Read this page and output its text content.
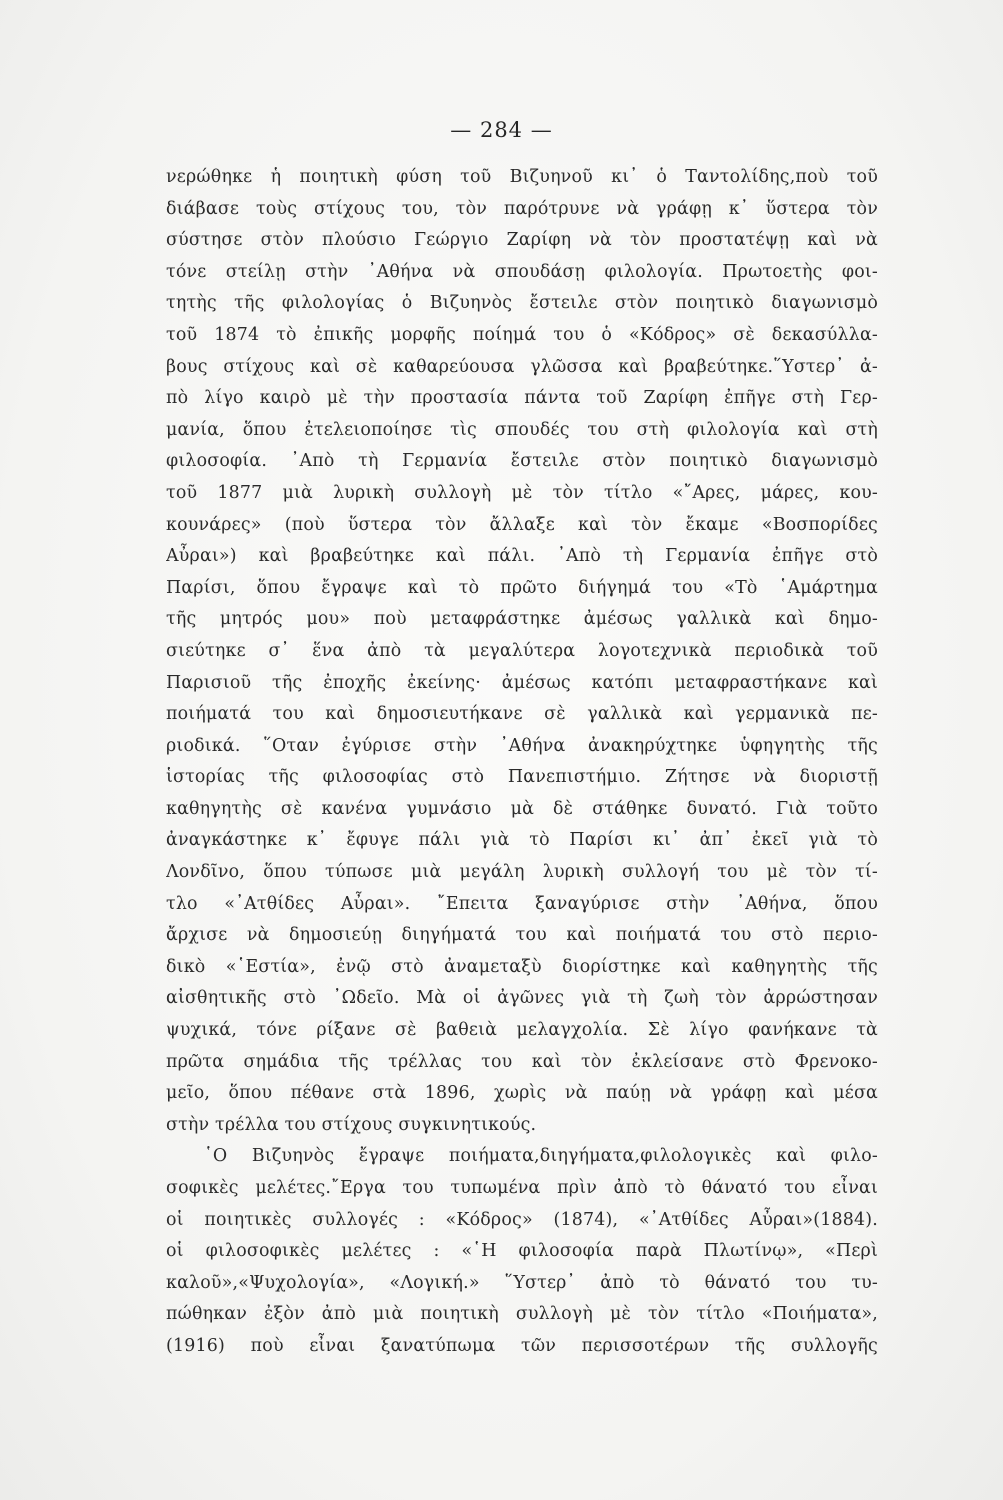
— 284 —
νερώθηκε ἡ ποιητικὴ φύση τοῦ Βιζυηνοῦ κι᾽ ὁ Ταντολίδης,ποὺ τοῦ
διάβασε τοὺς στίχους του, τὸν παρότρυνε νὰ γράφῃ κ᾽ ὕστερα τὸν
σύστησε στὸν πλούσιο Γεώργιο Ζαρίφη νὰ τὸν προστατέψῃ καὶ νὰ
τόνε στείλῃ στὴν ᾽Αθήνα νὰ σπουδάσῃ φιλολογία. Πρωτοετὴς φοι-
τητὴς τῆς φιλολογίας ὁ Βιζυηνὸς ἔστειλε στὸν ποιητικὸ διαγωνισμὸ
τοῦ 1874 τὸ ἐπικῆς μορφῆς ποίημά του ὁ «Κόδρος» σὲ δεκασύλλα-
βους στίχους καὶ σὲ καθαρεύουσα γλῶσσα καὶ βραβεύτηκε.῞Υστερ᾽ ἀ-
πὸ λίγο καιρὸ μὲ τὴν προστασία πάντα τοῦ Ζαρίφη ἐπῆγε στὴ Γερ-
μανία, ὅπου ἐτελειοποίησε τὶς σπουδές του στὴ φιλολογία καὶ στὴ
φιλοσοφία. ᾽Απὸ τὴ Γερμανία ἔστειλε στὸν ποιητικὸ διαγωνισμὸ
τοῦ 1877 μιὰ λυρικὴ συλλογὴ μὲ τὸν τίτλο «῎Αρες, μάρες, κου-
κουνάρες» (ποὺ ὕστερα τὸν ἄλλαξε καὶ τὸν ἔκαμε «Βοσπορίδες
Αὖραι») καὶ βραβεύτηκε καὶ πάλι. ᾽Απὸ τὴ Γερμανία ἐπῆγε στὸ
Παρίσι, ὅπου ἔγραψε καὶ τὸ πρῶτο διήγημά του «Τὸ ῾Αμάρτημα
τῆς μητρός μου» ποὺ μεταφράστηκε ἀμέσως γαλλικὰ καὶ δημο-
σιεύτηκε σ᾽ ἕνα ἀπὸ τὰ μεγαλύτερα λογοτεχνικὰ περιοδικὰ τοῦ
Παρισιοῦ τῆς ἐποχῆς ἐκείνης· ἀμέσως κατόπι μεταφραστήκανε καὶ
ποιήματά του καὶ δημοσιευτήκανε σὲ γαλλικὰ καὶ γερμανικὰ πε-
ριοδικά. ῞Οταν ἐγύρισε στὴν ᾽Αθήνα ἀνακηρύχτηκε ὑφηγητὴς τῆς
ἱστορίας τῆς φιλοσοφίας στὸ Πανεπιστήμιο. Ζήτησε νὰ διοριστῇ
καθηγητὴς σὲ κανένα γυμνάσιο μὰ δὲ στάθηκε δυνατό. Γιὰ τοῦτο
ἀναγκάστηκε κ᾽ ἔφυγε πάλι γιὰ τὸ Παρίσι κι᾽ ἀπ᾽ ἐκεῖ γιὰ τὸ
Λονδῖνο, ὅπου τύπωσε μιὰ μεγάλη λυρικὴ συλλογή του μὲ τὸν τί-
τλο «᾽Ατθίδες Αὖραι». ῎Επειτα ξαναγύρισε στὴν ᾽Αθήνα, ὅπου
ἄρχισε νὰ δημοσιεύῃ διηγήματά του καὶ ποιήματά του στὸ περιο-
δικὸ «῾Εστία», ἐνῷ στὸ ἀναμεταξὺ διορίστηκε καὶ καθηγητὴς τῆς
αἰσθητικῆς στὸ ᾽Ωδεῖο. Μὰ οἱ ἀγῶνες γιὰ τὴ ζωὴ τὸν ἀρρώστησαν
ψυχικά, τόνε ρίξανε σὲ βαθειὰ μελαγχολία. Σὲ λίγο φανήκανε τὰ
πρῶτα σημάδια τῆς τρέλλας του καὶ τὸν ἐκλείσανε στὸ Φρενοκο-
μεῖο, ὅπου πέθανε στὰ 1896, χωρὶς νὰ παύῃ νὰ γράφῃ καὶ μέσα
στὴν τρέλλα του στίχους συγκινητικούς.
῾Ο Βιζυηνὸς ἔγραψε ποιήματα,διηγήματα,φιλολογικὲς καὶ φιλο-
σοφικὲς μελέτες.῎Εργα του τυπωμένα πρὶν ἀπὸ τὸ θάνατό του εἶναι
οἱ ποιητικὲς συλλογές : «Κόδρος» (1874), «᾽Ατθίδες Αὖραι»(1884).
οἱ φιλοσοφικὲς μελέτες : «῾Η φιλοσοφία παρὰ Πλωτίνῳ», «Περὶ
καλοῦ»,«Ψυχολογία», «Λογική.» ῞Υστερ᾽ ἀπὸ τὸ θάνατό του τυ-
πώθηκαν ἐξὸν ἀπὸ μιὰ ποιητικὴ συλλογὴ μὲ τὸν τίτλο «Ποιήματα»,
(1916) ποὺ εἶναι ξανατύπωμα τῶν περισσοτέρων τῆς συλλογῆς
